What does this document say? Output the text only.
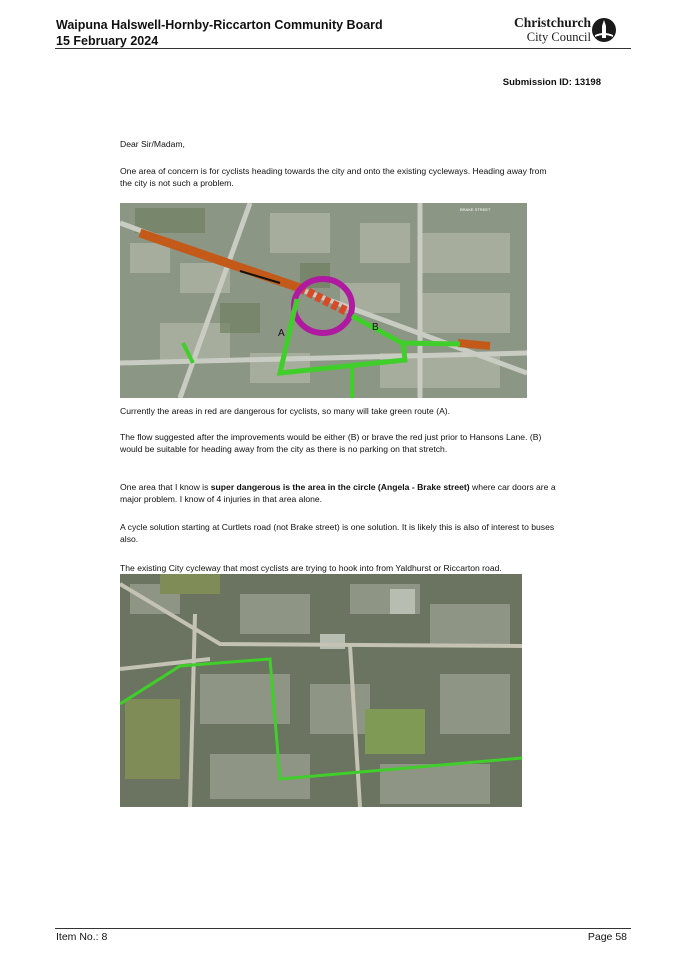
Waipuna Halswell-Hornby-Riccarton Community Board
15 February 2024
Christchurch
City Council
Submission ID: 13198
Dear Sir/Madam,
One area of concern is for cyclists heading towards the city and onto the existing cycleways. Heading away from the city is not such a problem.
A
B
BRAKE STREET
Currently the areas in red are dangerous for cyclists, so many will take green route (A).
The flow suggested after the improvements would be either (B) or brave the red just prior to Hansons Lane. (B) would be suitable for heading away from the city as there is no parking on that stretch.
One area that I know is super dangerous is the area in the circle (Angela - Brake street) where car doors are a major problem. I know of 4 injuries in that area alone.
A cycle solution starting at Curtlets road (not Brake street) is one solution. It is likely this is also of interest to buses also.
The existing City cycleway that most cyclists are trying to hook into from Yaldhurst or Riccarton road.
Item No.: 8	Page 58
